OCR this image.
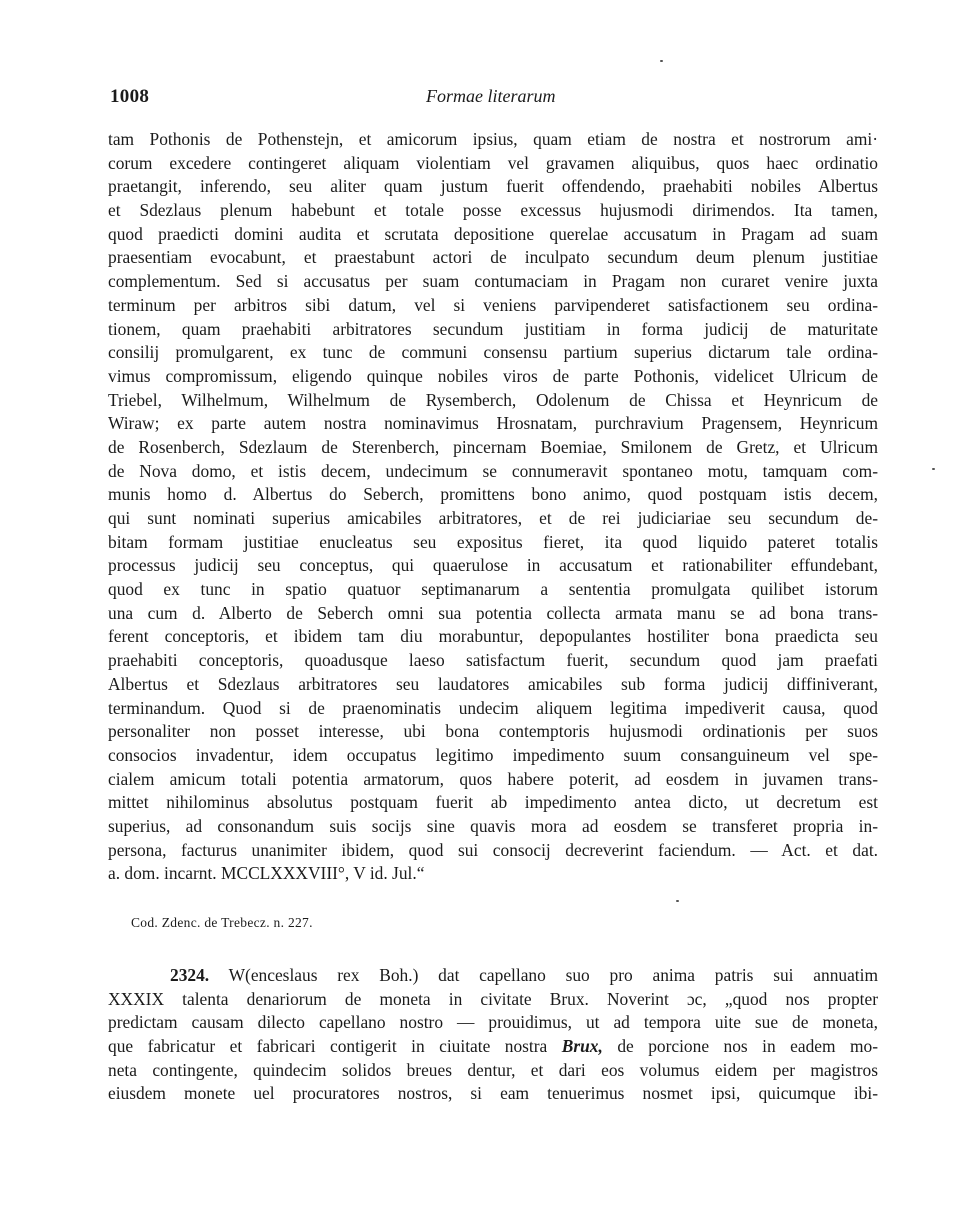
1008	Formae literarum
tam Pothonis de Pothenstejn, et amicorum ipsius, quam etiam de nostra et nostrorum ami·
corum excedere contingeret aliquam violentiam vel gravamen aliquibus, quos haec ordinatio
praetangit, inferendo, seu aliter quam justum fuerit offendendo, praehabiti nobiles Albertus
et Sdezlaus plenum habebunt et totale posse excessus hujusmodi dirimendos. Ita tamen,
quod praedicti domini audita et scrutata depositione querelae accusatum in Pragam ad suam
praesentiam evocabunt, et praestabunt actori de inculpato secundum deum plenum justitiae
complementum. Sed si accusatus per suam contumaciam in Pragam non curaret venire juxta
terminum per arbitros sibi datum, vel si veniens parvipenderet satisfactionem seu ordina-
tionem, quam praehabiti arbitratores secundum justitiam in forma judicij de maturitate
consilij promulgarent, ex tunc de communi consensu partium superius dictarum tale ordina-
vimus compromissum, eligendo quinque nobiles viros de parte Pothonis, videlicet Ulricum de
Triebel, Wilhelmum, Wilhelmum de Rysemberch, Odolenum de Chissa et Heynricum de
Wiraw; ex parte autem nostra nominavimus Hrosnatam, purchravium Pragensem, Heynricum
de Rosenberch, Sdezlaum de Sterenberch, pincernam Boemiae, Smilonem de Gretz, et Ulricum
de Nova domo, et istis decem, undecimum se connumeravit spontaneo motu, tamquam com-
munis homo d. Albertus do Seberch, promittens bono animo, quod postquam istis decem,
qui sunt nominati superius amicabiles arbitratores, et de rei judiciariae seu secundum de-
bitam formam justitiae enucleatus seu expositus fieret, ita quod liquido pateret totalis
processus judicij seu conceptus, qui quaerulose in accusatum et rationabiliter effundebant,
quod ex tunc in spatio quatuor septimanarum a sententia promulgata quilibet istorum
una cum d. Alberto de Seberch omni sua potentia collecta armata manu se ad bona trans-
ferent conceptoris, et ibidem tam diu morabuntur, depopulantes hostiliter bona praedicta seu
praehabiti conceptoris, quoadusque laeso satisfactum fuerit, secundum quod jam praefati
Albertus et Sdezlaus arbitratores seu laudatores amicabiles sub forma judicij diffiniverant,
terminandum. Quod si de praenominatis undecim aliquem legitima impediverit causa, quod
personaliter non posset interesse, ubi bona contemptoris hujusmodi ordinationis per suos
consocios invadentur, idem occupatus legitimo impedimento suum consanguineum vel spe-
cialem amicum totali potentia armatorum, quos habere poterit, ad eosdem in juvamen trans-
mittet nihilominus absolutus postquam fuerit ab impedimento antea dicto, ut decretum est
superius, ad consonandum suis socijs sine quavis mora ad eosdem se transferet propria in-
persona, facturus unanimiter ibidem, quod sui consocij decreverint faciendum. — Act. et dat.
a. dom. incarnt. MCCLXXXVIII°, V id. Jul.“
Cod. Zdenc. de Trebecz. n. 227.
2324. W(enceslaus rex Boh.) dat capellano suo pro anima patris sui annuatim
XXXIX talenta denariorum de moneta in civitate Brux. Noverint ɔc, „quod nos propter
predictam causam dilecto capellano nostro — prouidimus, ut ad tempora uite sue de moneta,
que fabricatur et fabricari contigerit in ciuitate nostra Brux, de porcione nos in eadem mo-
neta contingente, quindecim solidos breues dentur, et dari eos volumus eidem per magistros
eiusdem monete uel procuratores nostros, si eam tenuerimus nosmet ipsi, quicumque ibi-
